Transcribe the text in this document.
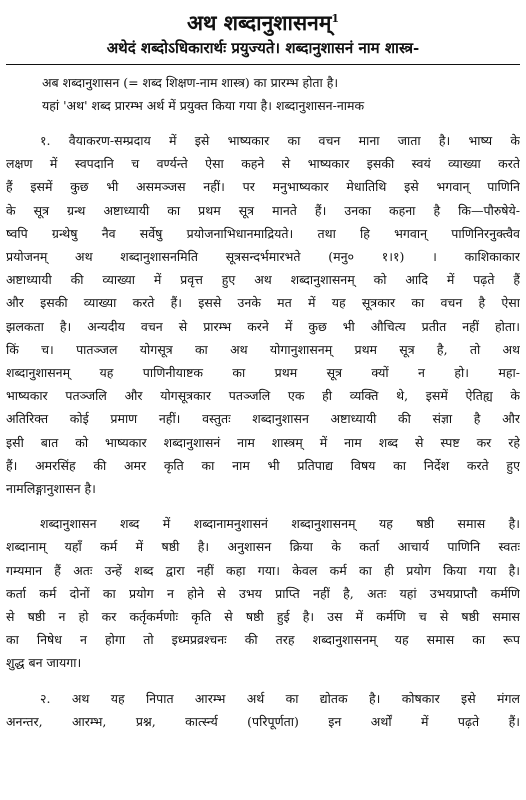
अथ शब्दानुशासनम्$^1$
अथेदं शब्दोऽधिकारार्थः प्रयुज्यते। शब्दानुशासनं नाम शास्त्र-
अब शब्दानुशासन (= शब्द शिक्षण-नाम शास्त्र) का प्रारम्भ होता है।
यहां 'अथ' शब्द प्रारम्भ अर्थ में प्रयुक्त किया गया है। शब्दानुशासन-नामक
१. वैयाकरण-सम्प्रदाय में इसे भाष्यकार का वचन माना जाता है। भाष्य के
लक्षण में स्वपदानि च वर्ण्यन्ते ऐसा कहने से भाष्यकार इसकी स्वयं व्याख्या करते
हैं इसमें कुछ भी असमञ्जस नहीं। पर मनुभाष्यकार मेधातिथि इसे भगवान् पाणिनि
के सूत्र ग्रन्थ अष्टाध्यायी का प्रथम सूत्र मानते हैं। उनका कहना है कि—पौरुषेये-
ष्वपि ग्रन्थेषु नैव सर्वेषु प्रयोजनाभिधानमाद्रियते। तथा हि भगवान् पाणिनिरनुक्त्वैव
प्रयोजनम् अथ शब्दानुशासनमिति सूत्रसन्दर्भमारभते (मनु० १।१) । काशिकाकार
अष्टाध्यायी की व्याख्या में प्रवृत्त हुए अथ शब्दानुशासनम् को आदि में पढ़ते हैं
और इसकी व्याख्या करते हैं। इससे उनके मत में यह सूत्रकार का वचन है ऐसा
झलकता है। अन्यदीय वचन से प्रारम्भ करने में कुछ भी औचित्य प्रतीत नहीं होता।
किं च। पातञ्जल योगसूत्र का अथ योगानुशासनम् प्रथम सूत्र है, तो अथ
शब्दानुशासनम् यह पाणिनीयाष्टक का प्रथम सूत्र क्यों न हो। महा-
भाष्यकार पतञ्जलि और योगसूत्रकार पतञ्जलि एक ही व्यक्ति थे, इसमें ऐतिह्य के
अतिरिक्त कोई प्रमाण नहीं। वस्तुतः शब्दानुशासन अष्टाध्यायी की संज्ञा है और
इसी बात को भाष्यकार शब्दानुशासनं नाम शास्त्रम् में नाम शब्द से स्पष्ट कर रहे
हैं। अमरसिंह की अमर कृति का नाम भी प्रतिपाद्य विषय का निर्देश करते हुए
नामलिङ्गानुशासन है।
शब्दानुशासन शब्द में शब्दानामनुशासनं शब्दानुशासनम् यह षष्ठी समास है।
शब्दानाम् यहाँ कर्म में षष्ठी है। अनुशासन क्रिया के कर्ता आचार्य पाणिनि स्वतः
गम्यमान हैं अतः उन्हें शब्द द्वारा नहीं कहा गया। केवल कर्म का ही प्रयोग किया गया है।
कर्ता कर्म दोनों का प्रयोग न होने से उभय प्राप्ति नहीं है, अतः यहां उभयप्राप्तौ कर्मणि
से षष्ठी न हो कर कर्तृकर्मणोः कृति से षष्ठी हुई है। उस में कर्मणि च से षष्ठी समास
का निषेध न होगा तो इध्मप्रव्रश्चनः की तरह शब्दानुशासनम् यह समास का रूप
शुद्ध बन जायगा।
२. अथ यह निपात आरम्भ अर्थ का द्योतक है। कोषकार इसे मंगल
अनन्तर, आरम्भ, प्रश्न, कार्त्स्न्य (परिपूर्णता) इन अर्थों में पढ़ते हैं।
